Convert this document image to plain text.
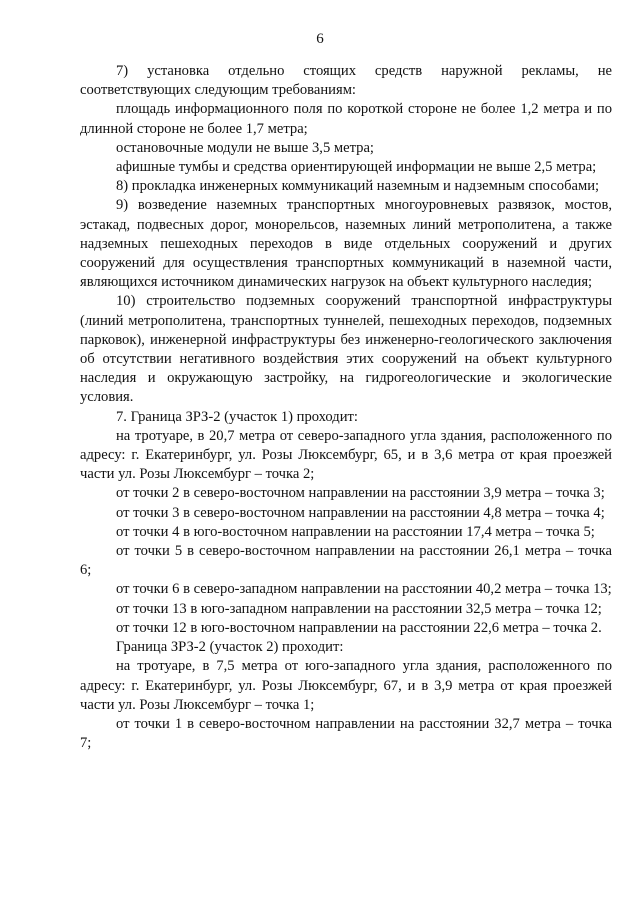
6

7) установка отдельно стоящих средств наружной рекламы, не соответствующих следующим требованиям:

площадь информационного поля по короткой стороне не более 1,2 метра и по длинной стороне не более 1,7 метра;

остановочные модули не выше 3,5 метра;

афишные тумбы и средства ориентирующей информации не выше 2,5 метра;

8) прокладка инженерных коммуникаций наземным и надземным способами;

9) возведение наземных транспортных многоуровневых развязок, мостов, эстакад, подвесных дорог, монорельсов, наземных линий метрополитена, а также надземных пешеходных переходов в виде отдельных сооружений и других сооружений для осуществления транспортных коммуникаций в наземной части, являющихся источником динамических нагрузок на объект культурного наследия;

10) строительство подземных сооружений транспортной инфраструктуры (линий метрополитена, транспортных туннелей, пешеходных переходов, подземных парковок), инженерной инфраструктуры без инженерно-геологического заключения об отсутствии негативного воздействия этих сооружений на объект культурного наследия и окружающую застройку, на гидрогеологические и экологические условия.

7. Граница ЗРЗ-2 (участок 1) проходит:

на тротуаре, в 20,7 метра от северо-западного угла здания, расположенного по адресу: г. Екатеринбург, ул. Розы Люксембург, 65, и в 3,6 метра от края проезжей части ул. Розы Люксембург – точка 2;

от точки 2 в северо-восточном направлении на расстоянии 3,9 метра – точка 3;

от точки 3 в северо-восточном направлении на расстоянии 4,8 метра – точка 4;

от точки 4 в юго-восточном направлении на расстоянии 17,4 метра – точка 5;

от точки 5 в северо-восточном направлении на расстоянии 26,1 метра – точка 6;

от точки 6 в северо-западном направлении на расстоянии 40,2 метра – точка 13;

от точки 13 в юго-западном направлении на расстоянии 32,5 метра – точка 12;

от точки 12 в юго-восточном направлении на расстоянии 22,6 метра – точка 2.

Граница ЗРЗ-2 (участок 2) проходит:

на тротуаре, в 7,5 метра от юго-западного угла здания, расположенного по адресу: г. Екатеринбург, ул. Розы Люксембург, 67, и в 3,9 метра от края проезжей части ул. Розы Люксембург – точка 1;

от точки 1 в северо-восточном направлении на расстоянии 32,7 метра – точка 7;
